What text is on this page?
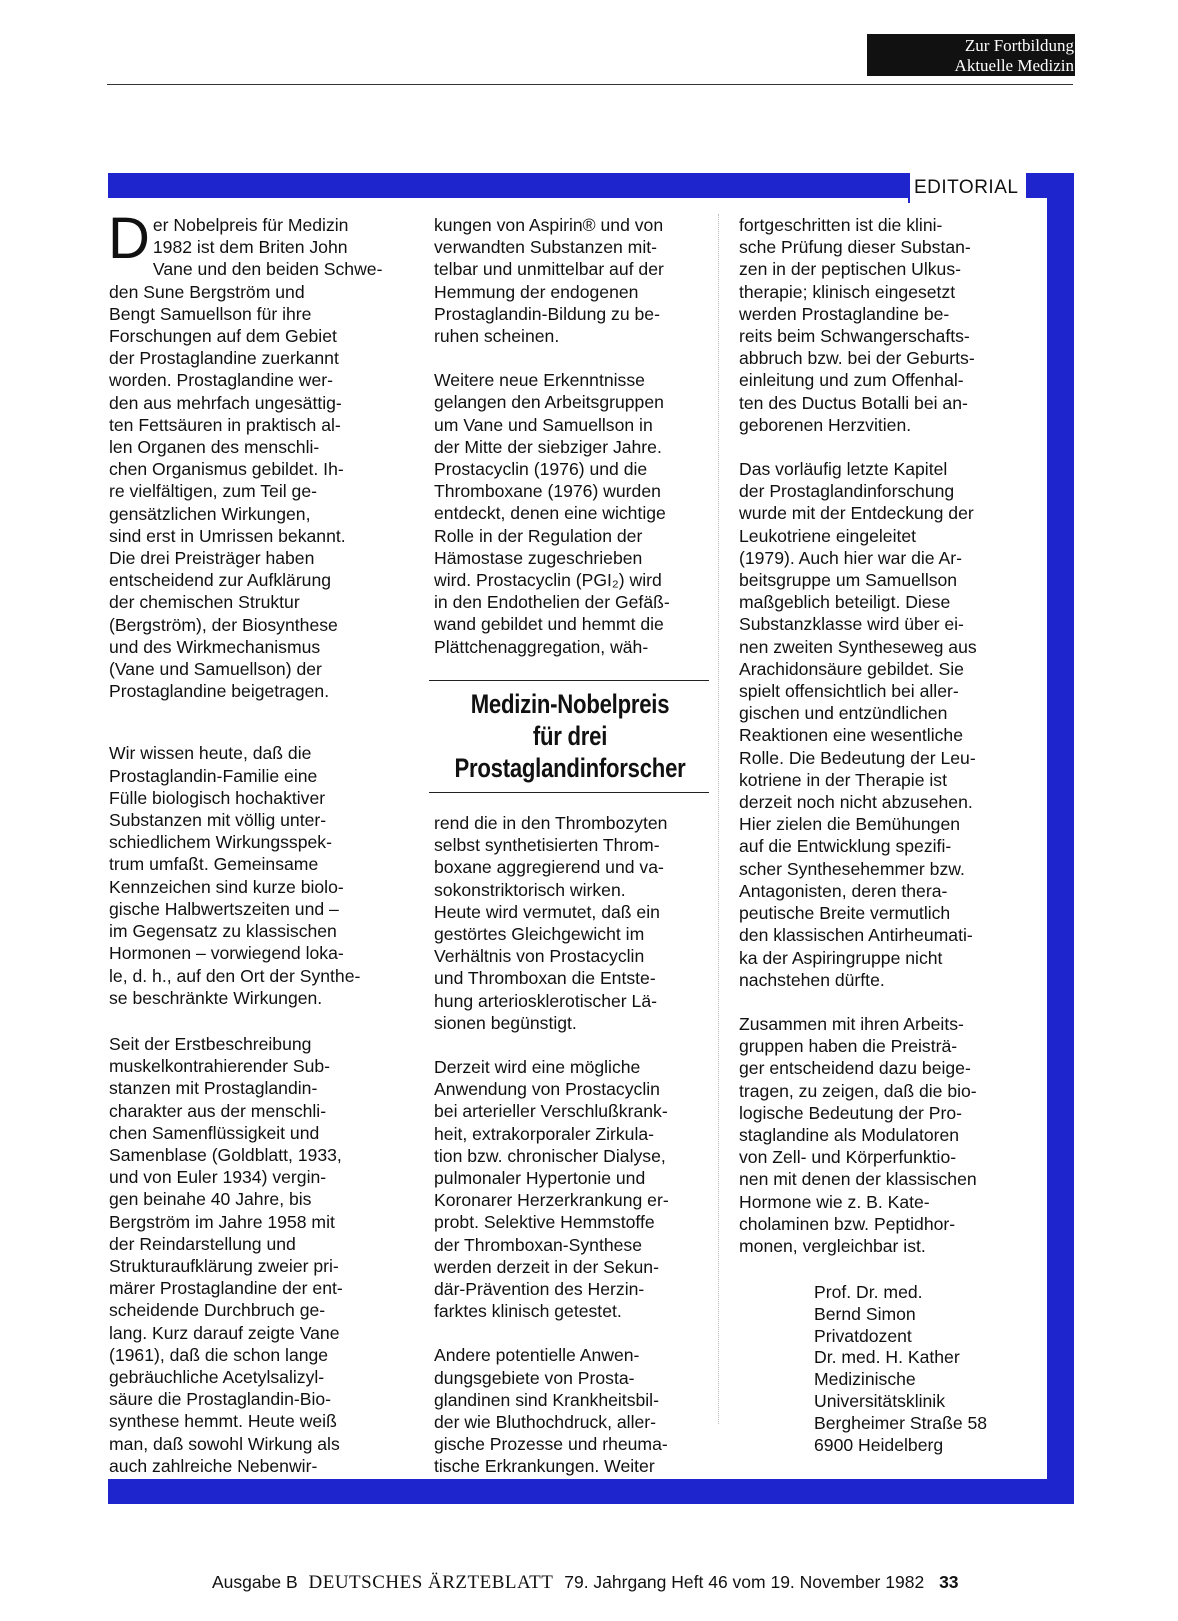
Zur Fortbildung
Aktuelle Medizin
EDITORIAL

Der Nobelpreis für Medizin
1982 ist dem Briten John
Vane und den beiden Schwe-
den Sune Bergström und
Bengt Samuellson für ihre
Forschungen auf dem Gebiet
der Prostaglandine zuerkannt
worden. Prostaglandine wer-
den aus mehrfach ungesättig-
ten Fettsäuren in praktisch al-
len Organen des menschli-
chen Organismus gebildet. Ih-
re vielfältigen, zum Teil ge-
gensätzlichen Wirkungen,
sind erst in Umrissen bekannt.
Die drei Preisträger haben
entscheidend zur Aufklärung
der chemischen Struktur
(Bergström), der Biosynthese
und des Wirkmechanismus
(Vane und Samuellson) der
Prostaglandine beigetragen.

Wir wissen heute, daß die
Prostaglandin-Familie eine
Fülle biologisch hochaktiver
Substanzen mit völlig unter-
schiedlichem Wirkungsspek-
trum umfaßt. Gemeinsame
Kennzeichen sind kurze biolo-
gische Halbwertszeiten und –
im Gegensatz zu klassischen
Hormonen – vorwiegend loka-
le, d. h., auf den Ort der Synthe-
se beschränkte Wirkungen.

Seit der Erstbeschreibung
muskelkontrahierender Sub-
stanzen mit Prostaglandin-
charakter aus der menschli-
chen Samenflüssigkeit und
Samenblase (Goldblatt, 1933,
und von Euler 1934) vergin-
gen beinahe 40 Jahre, bis
Bergström im Jahre 1958 mit
der Reindarstellung und
Strukturaufklärung zweier pri-
märer Prostaglandine der ent-
scheidende Durchbruch ge-
lang. Kurz darauf zeigte Vane
(1961), daß die schon lange
gebräuchliche Acetylsalizyl-
säure die Prostaglandin-Bio-
synthese hemmt. Heute weiß
man, daß sowohl Wirkung als
auch zahlreiche Nebenwir-

kungen von Aspirin® und von
verwandten Substanzen mit-
telbar und unmittelbar auf der
Hemmung der endogenen
Prostaglandin-Bildung zu be-
ruhen scheinen.

Weitere neue Erkenntnisse
gelangen den Arbeitsgruppen
um Vane und Samuellson in
der Mitte der siebziger Jahre.
Prostacyclin (1976) und die
Thromboxane (1976) wurden
entdeckt, denen eine wichtige
Rolle in der Regulation der
Hämostase zugeschrieben
wird. Prostacyclin (PGI₂) wird
in den Endothelien der Gefäß-
wand gebildet und hemmt die
Plättchenaggregation, wäh-

Medizin-Nobelpreis
für drei
Prostaglandinforscher

rend die in den Thrombozyten
selbst synthetisierten Throm-
boxane aggregierend und va-
sokonstriktorisch wirken.
Heute wird vermutet, daß ein
gestörtes Gleichgewicht im
Verhältnis von Prostacyclin
und Thromboxan die Entste-
hung arteriosklerotischer Lä-
sionen begünstigt.

Derzeit wird eine mögliche
Anwendung von Prostacyclin
bei arterieller Verschlußkrank-
heit, extrakorporaler Zirkula-
tion bzw. chronischer Dialyse,
pulmonaler Hypertonie und
Koronarer Herzerkrankung er-
probt. Selektive Hemmstoffe
der Thromboxan-Synthese
werden derzeit in der Sekun-
där-Prävention des Herzin-
farktes klinisch getestet.

Andere potentielle Anwen-
dungsgebiete von Prosta-
glandinen sind Krankheitsbil-
der wie Bluthochdruck, aller-
gische Prozesse und rheuma-
tische Erkrankungen. Weiter

fortgeschritten ist die klini-
sche Prüfung dieser Substan-
zen in der peptischen Ulkus-
therapie; klinisch eingesetzt
werden Prostaglandine be-
reits beim Schwangerschafts-
abbruch bzw. bei der Geburts-
einleitung und zum Offenhal-
ten des Ductus Botalli bei an-
geborenen Herzvitien.

Das vorläufig letzte Kapitel
der Prostaglandinforschung
wurde mit der Entdeckung der
Leukotriene eingeleitet
(1979). Auch hier war die Ar-
beitsgruppe um Samuellson
maßgeblich beteiligt. Diese
Substanzklasse wird über ei-
nen zweiten Syntheseweg aus
Arachidonsäure gebildet. Sie
spielt offensichtlich bei aller-
gischen und entzündlichen
Reaktionen eine wesentliche
Rolle. Die Bedeutung der Leu-
kotriene in der Therapie ist
derzeit noch nicht abzusehen.
Hier zielen die Bemühungen
auf die Entwicklung spezifi-
scher Synthesehemmer bzw.
Antagonisten, deren thera-
peutische Breite vermutlich
den klassischen Antirheumati-
ka der Aspiringruppe nicht
nachstehen dürfte.

Zusammen mit ihren Arbeits-
gruppen haben die Preisträ-
ger entscheidend dazu beige-
tragen, zu zeigen, daß die bio-
logische Bedeutung der Pro-
staglandine als Modulatoren
von Zell- und Körperfunktio-
nen mit denen der klassischen
Hormone wie z. B. Kate-
cholaminen bzw. Peptidhor-
monen, vergleichbar ist.

Prof. Dr. med.
Bernd Simon
Privatdozent
Dr. med. H. Kather
Medizinische
Universitätsklinik
Bergheimer Straße 58
6900 Heidelberg
Ausgabe B DEUTSCHES ÄRZTEBLATT 79. Jahrgang Heft 46 vom 19. November 1982 33
